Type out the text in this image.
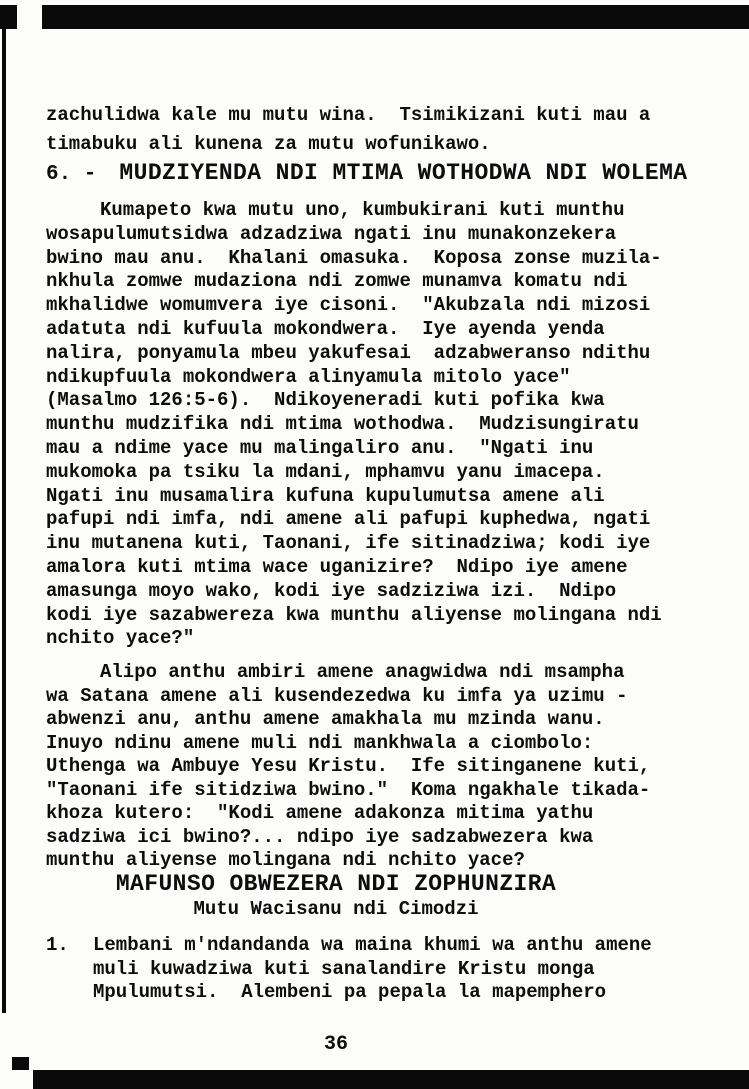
zachulidwa kale mu mutu wina.  Tsimikizani kuti mau a
timabuku ali kunena za mutu wofunikawo.
6. - MUDZIYENDA NDI MTIMA WOTHODWA NDI WOLEMA
Kumapeto kwa mutu uno, kumbukirani kuti munthu
wosapulumutsidwa adzadziwa ngati inu munakonzekera
bwino mau anu.  Khalani omasuka.  Koposa zonse muzila-
nkhula zomwe mudaziona ndi zomwe munamva komatu ndi
mkhalidwe womumvera iye cisoni.  "Akubzala ndi mizosi
adatuta ndi kufuula mokondwera.  Iye ayenda yenda
nalira, ponyamula mbeu yakufesai  adzabweranso ndithu
ndikupfuula mokondwera alinyamula mitolo yace"
(Masalmo 126:5-6).  Ndikoyeneradi kuti pofika kwa
munthu mudzifika ndi mtima wothodwa.  Mudzisungiratu
mau a ndime yace mu malingaliro anu.  "Ngati inu
mukomoka pa tsiku la mdani, mphamvu yanu imacepa.
Ngati inu musamalira kufuna kupulumutsa amene ali
pafupi ndi imfa, ndi amene ali pafupi kuphedwa, ngati
inu mutanena kuti, Taonani, ife sitinadziwa; kodi iye
amalora kuti mtima wace uganizire?  Ndipo iye amene
amasunga moyo wako, kodi iye sadziziwa izi.  Ndipo
kodi iye sazabwereza kwa munthu aliyense molingana ndi
nchito yace?"
Alipo anthu ambiri amene anagwidwa ndi msampha
wa Satana amene ali kusendezedwa ku imfa ya uzimu -
abwenzi anu, anthu amene amakhala mu mzinda wanu.
Inuyo ndinu amene muli ndi mankhwala a ciombolo:
Uthenga wa Ambuye Yesu Kristu.  Ife sitinganene kuti,
"Taonani ife sitidziwa bwino."  Koma ngakhale tikada-
khoza kutero:  "Kodi amene adakonza mitima yathu
sadziwa ici bwino?... ndipo iye sadzabwezera kwa
munthu aliyense molingana ndi nchito yace?
MAFUNSO OBWEZERA NDI ZOPHUNZIRA
Mutu Wacisanu ndi Cimodzi
1. Lembani m'ndandanda wa maina khumi wa anthu amene
muli kuwadziwa kuti sanalandire Kristu monga
Mpulumutsi.  Alembeni pa pepala la mapemphero
36
